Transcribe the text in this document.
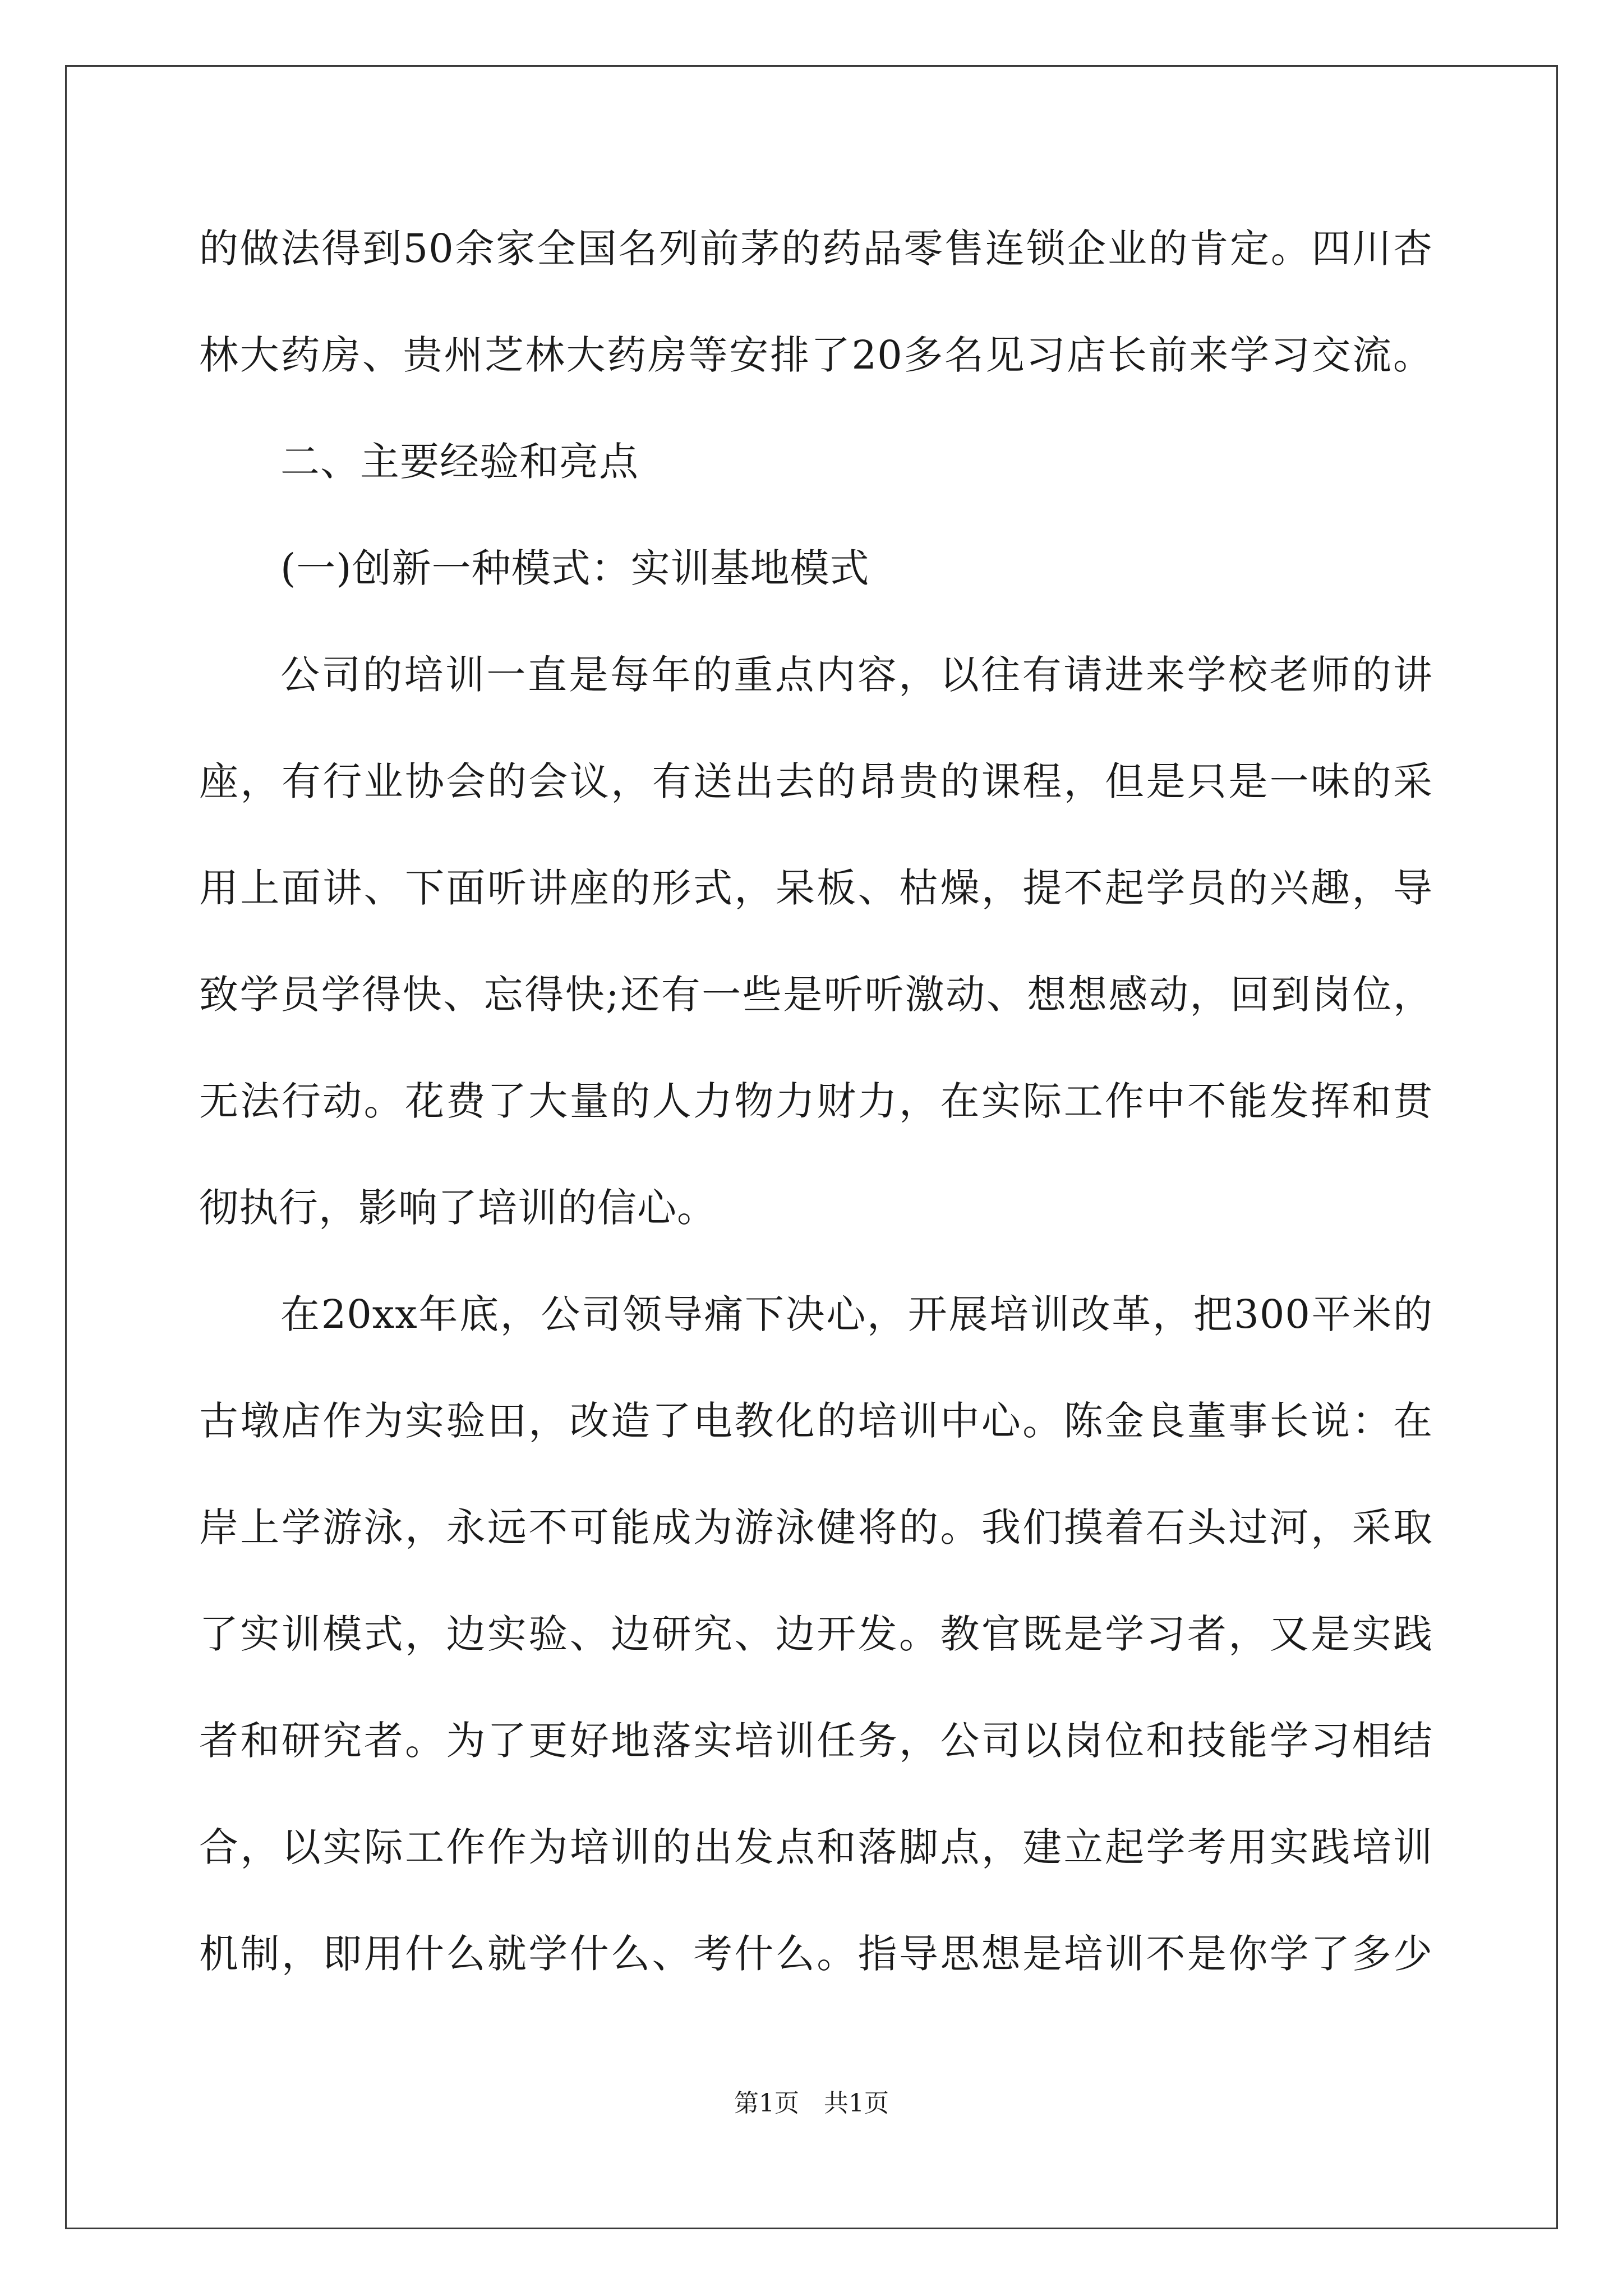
的做法得到50余家全国名列前茅的药品零售连锁企业的肯定。四川杏
林大药房、贵州芝林大药房等安排了20多名见习店长前来学习交流。
二、主要经验和亮点
(一)创新一种模式：实训基地模式
公司的培训一直是每年的重点内容，以往有请进来学校老师的讲
座，有行业协会的会议，有送出去的昂贵的课程，但是只是一味的采
用上面讲、下面听讲座的形式，呆板、枯燥，提不起学员的兴趣，导
致学员学得快、忘得快;还有一些是听听激动、想想感动，回到岗位，
无法行动。花费了大量的人力物力财力，在实际工作中不能发挥和贯
彻执行，影响了培训的信心。
在20xx年底，公司领导痛下决心，开展培训改革，把300平米的
古墩店作为实验田，改造了电教化的培训中心。陈金良董事长说：在
岸上学游泳，永远不可能成为游泳健将的。我们摸着石头过河，采取
了实训模式，边实验、边研究、边开发。教官既是学习者，又是实践
者和研究者。为了更好地落实培训任务，公司以岗位和技能学习相结
合，以实际工作作为培训的出发点和落脚点，建立起学考用实践培训
机制，即用什么就学什么、考什么。指导思想是培训不是你学了多少
第1页　共1页
